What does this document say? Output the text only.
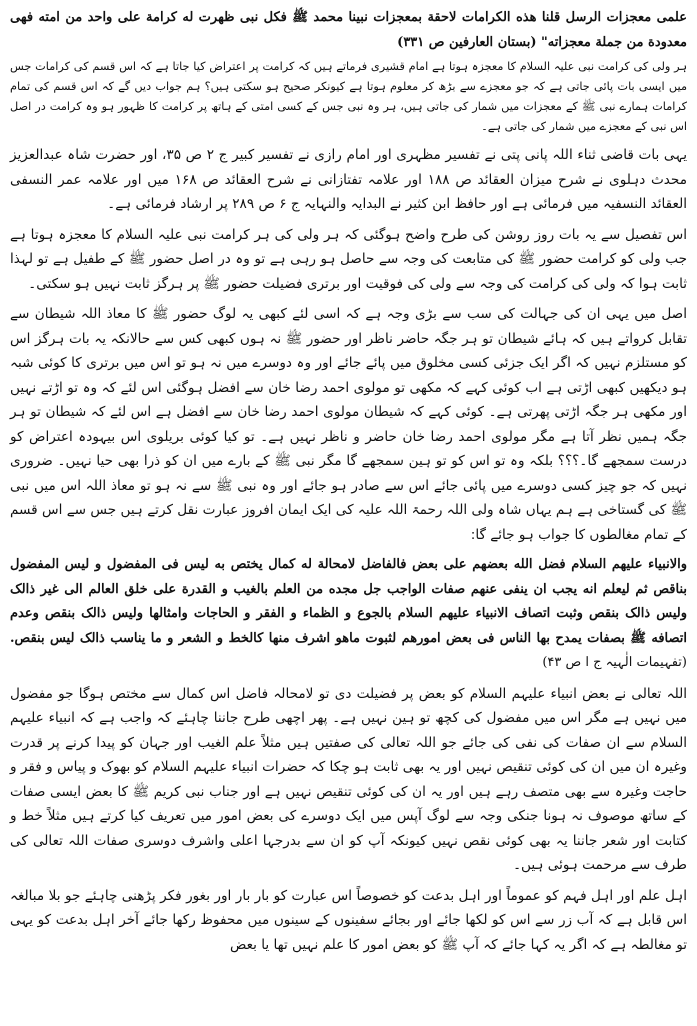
علمی معجزات الرسل قلنا هذه الكرامات لاحقة بمعجزات نبينا محمد ﷺ فكل نبی ظهرت له كرامة علی واحد من امته فهی معدودة من جملة معجزاته" (بستان العارفین ص ۳۳۱)

ہر ولی کی کرامت نبی علیہ السلام کا معجزہ ہوتا ہے امام قشیری فرماتے ہیں کہ کرامت پر اعتراض کیا جاتا ہے کہ اس قسم کی کرامات جس میں ایسی بات پائی جاتی ہے کہ جو معجزے سے بڑھ کر معلوم ہوتا ہے کیونکر صحیح ہو سکتی ہیں؟ ہم جواب دیں گے کہ اس قسم کی تمام کرامات ہمارے نبی ﷺ کے معجزات میں شمار کی جاتی ہیں، ہر وہ نبی جس کے کسی امتی کے ہاتھ پر کرامت کا ظہور ہو وہ کرامت در اصل اس نبی کے معجزے میں شمار کی جاتی ہے۔

یہی بات قاضی ثناء اللہ پانی پتی نے تفسیر مظہری اور امام رازی نے تفسیر کبیر ج ۲ ص ۳۵، اور حضرت شاہ عبدالعزیز محدث دہلوی نے شرح میزان العقائد ص ۱۸۸ اور علامہ تفتازانی نے شرح العقائد ص ۱۶۸ میں اور علامہ عمر النسفی العقائد النسفیہ میں فرمائی ہے اور حافظ ابن کثیر نے البدایہ والنہایہ ج ۶ ص ۲۸۹ پر ارشاد فرمائی ہے۔

اس تفصیل سے یہ بات روز روشن کی طرح واضح ہوگئی کہ ہر ولی کی ہر کرامت نبی علیہ السلام کا معجزہ ہوتا ہے جب ولی کو کرامت حضور ﷺ کی متابعت کی وجہ سے حاصل ہو رہی ہے تو وہ در اصل حضور ﷺ کے طفیل ہے تو لہذا ثابت ہوا کہ ولی کی کرامت کی وجہ سے ولی کی فوقیت اور برتری فضیلت حضور ﷺ پر ہرگز ثابت نہیں ہو سکتی۔

اصل میں یہی ان کی جہالت کی سب سے بڑی وجہ ہے کہ اسی لئے کبھی یہ لوگ حضور ﷺ کا معاذ اللہ شیطان سے تقابل کرواتے ہیں کہ ہائے شیطان تو ہر جگہ حاضر ناظر اور حضور ﷺ نہ ہوں کبھی کس سے حالانکہ یہ بات ہرگز اس کو مستلزم نہیں کہ اگر ایک جزئی کسی مخلوق میں پائے جائے اور وہ دوسرے میں نہ ہو تو اس میں برتری کا کوئی شبہ ہو دیکھیں کبھی اڑتی ہے اب کوئی کہے کہ مکھی تو مولوی احمد رضا خان سے افضل ہوگئی اس لئے کہ وہ تو اڑتے نہیں اور مکھی ہر جگہ اڑتی پھرتی ہے۔ کوئی کہے کہ شیطان مولوی احمد رضا خان سے افضل ہے اس لئے کہ شیطان تو ہر جگہ ہمیں نظر آتا ہے مگر مولوی احمد رضا خان حاضر و ناظر نہیں ہے۔ تو کیا کوئی بریلوی اس بیہودہ اعتراض کو درست سمجھے گا۔؟؟؟ بلکہ وہ تو اس کو تو ہین سمجھے گا مگر نبی ﷺ کے بارے میں ان کو ذرا بھی حیا نہیں۔ ضروری نہیں کہ جو چیز کسی دوسرے میں پائی جائے اس سے صادر ہو جائے اور وہ نبی ﷺ سے نہ ہو تو معاذ اللہ اس میں نبی ﷺ کی گستاخی ہے ہم یہاں شاہ ولی اللہ رحمۃ اللہ علیہ کی ایک ایمان افروز عبارت نقل کرتے ہیں جس سے اس قسم کے تمام مغالطوں کا جواب ہو جائے گا:

والانبیاء علیهم السلام فضل الله بعضهم علی بعض فالفاضل لامحالة له كمال یختص به لیس فی المفضول و لیس المفضول بناقص ثم لیعلم انه یجب ان ینفی عنهم صفات الواجب جل مجده من العلم بالغیب و القدرة علی خلق العالم الی غیر ذالک ولیس ذالک بنقص وثبت اتصاف الانبیاء علیهم السلام بالجوع و الظماء و الفقر و الحاجات وامثالها ولیس ذالک بنقص وعدم اتصافه ﷺ بصفات یمدح بها الناس فی بعض امورهم لثبوت ماهو اشرف منها كالخط و الشعر و ما یناسب ذالک لیس بنقص. (تفہیمات الٰہیہ ج ا ص ۴۳)

اللہ تعالی نے بعض انبیاء علیہم السلام کو بعض پر فضیلت دی تو لامحالہ فاضل اس کمال سے مختص ہوگا جو مفضول میں نہیں ہے مگر اس میں مفضول کی کچھ تو ہین نہیں ہے۔ پھر اچھی طرح جاننا چاہئے کہ واجب ہے کہ انبیاء علیہم السلام سے ان صفات کی نفی کی جائے جو اللہ تعالی کی صفتیں ہیں مثلاً علم الغیب اور جہان کو پیدا کرنے پر قدرت وغیرہ ان میں ان کی کوئی تنقیص نہیں اور یہ بھی ثابت ہو چکا کہ حضرات انبیاء علیہم السلام کو بھوک و پیاس و فقر و حاجت وغیرہ سے بھی متصف رہے ہیں اور یہ ان کی کوئی تنقیص نہیں ہے اور جناب نبی کریم ﷺ کا بعض ایسی صفات کے ساتھ موصوف نہ ہونا جنکی وجہ سے لوگ آپس میں ایک دوسرے کی بعض امور میں تعریف کیا کرتے ہیں مثلاً خط و کتابت اور شعر جاننا یہ بھی کوئی نقص نہیں کیونکہ آپ کو ان سے بدرجہا اعلی واشرف دوسری صفات اللہ تعالی کی طرف سے مرحمت ہوئی ہیں۔

اہل علم اور اہل فہم کو عموماً اور اہل بدعت کو خصوصاً اس عبارت کو بار بار اور بغور فکر پڑھنی چاہئے جو بلا مبالغہ اس قابل ہے کہ آب زر سے اس کو لکھا جائے اور بجائے سفینوں کے سینوں میں محفوظ رکھا جائے آخر اہل بدعت کو یہی تو مغالطہ ہے کہ اگر یہ کہا جائے کہ آپ ﷺ کو بعض امور کا علم نہیں تھا یا بعض
